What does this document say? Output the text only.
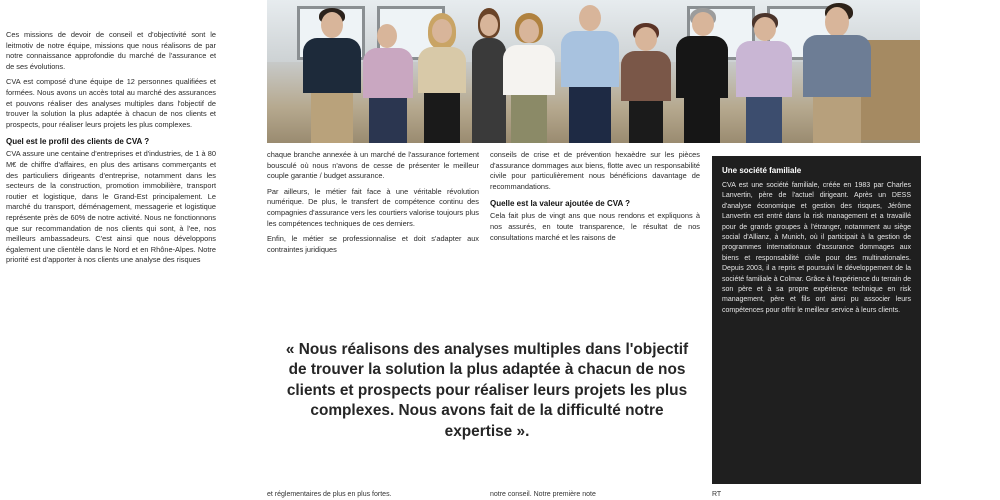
Ces missions de devoir de conseil et d'objectivité sont le leitmotiv de notre équipe, missions que nous réalisons de par notre connaissance approfondie du marché de l'assurance et de ses évolutions.

CVA est composé d'une équipe de 12 personnes qualifiées et formées. Nous avons un accès total au marché des assurances et pouvons réaliser des analyses multiples dans l'objectif de trouver la solution la plus adaptée à chacun de nos clients et prospects, pour réaliser leurs projets les plus complexes.

Quel est le profil des clients de CVA ?

CVA assure une centaine d'entreprises et d'industries, de 1 à 80 M€ de chiffre d'affaires, en plus des artisans commerçants et des particuliers dirigeants d'entreprise, notamment dans les secteurs de la construction, promotion immobilière, transport routier et logistique, dans le Grand-Est principalement. Le marché du transport, déménagement, messagerie et logistique représente près de 60% de notre activité. Nous ne fonctionnons que sur recommandation de nos clients qui sont, à l'ee, nos meilleurs ambassadeurs. C'est ainsi que nous développons également une clientèle dans le Nord et en Rhône-Alpes. Notre priorité est d'apporter à nos clients une analyse des risques

chaque branche annexée à un marché de l'assurance fortement bousculé où nous n'avons de cesse de présenter le meilleur couple garantie / budget assurance.

Par ailleurs, le métier fait face à une véritable révolution numérique. De plus, le transfert de compétence continu des compagnies d'assurance vers les courtiers valorise toujours plus les compétences techniques de ces derniers.

Enfin, le métier se professionnalise et doit s'adapter aux contraintes juridiques

conseils de crise et de prévention hexaèdre sur les pièces d'assurance dommages aux biens, flotte avec un responsabilité civile pour particulièrement nous bénéficions davantage de recommandations.

Quelle est la valeur ajoutée de CVA ?

Cela fait plus de vingt ans que nous rendons et expliquons à nos assurés, en toute transparence, le résultat de nos consultations marché et les raisons de

Une société familiale
CVA est une société familiale, créée en 1983 par Charles Lanvertin, père de l'actuel dirigeant. Après un DESS d'analyse économique et gestion des risques, Jérôme Lanvertin est entré dans la risk management et a travaillé pour de grands groupes à l'étranger, notamment au siège social d'Allianz, à Munich, où il participait à la gestion de programmes internationaux d'assurance dommages aux biens et responsabilité civile pour des multinationales. Depuis 2003, il a repris et poursuivi le développement de la société familiale à Colmar. Grâce à l'expérience du terrain de son père et à sa propre expérience technique en risk management, père et fils ont ainsi pu associer leurs compétences pour offrir le meilleur service à leurs clients.
« Nous réalisons des analyses multiples dans l'objectif de trouver la solution la plus adaptée à chacun de nos clients et prospects pour réaliser leurs projets les plus complexes. Nous avons fait de la difficulté notre expertise ».
et réglementaires de plus en plus fortes.	notre conseil. Notre première note	RT
